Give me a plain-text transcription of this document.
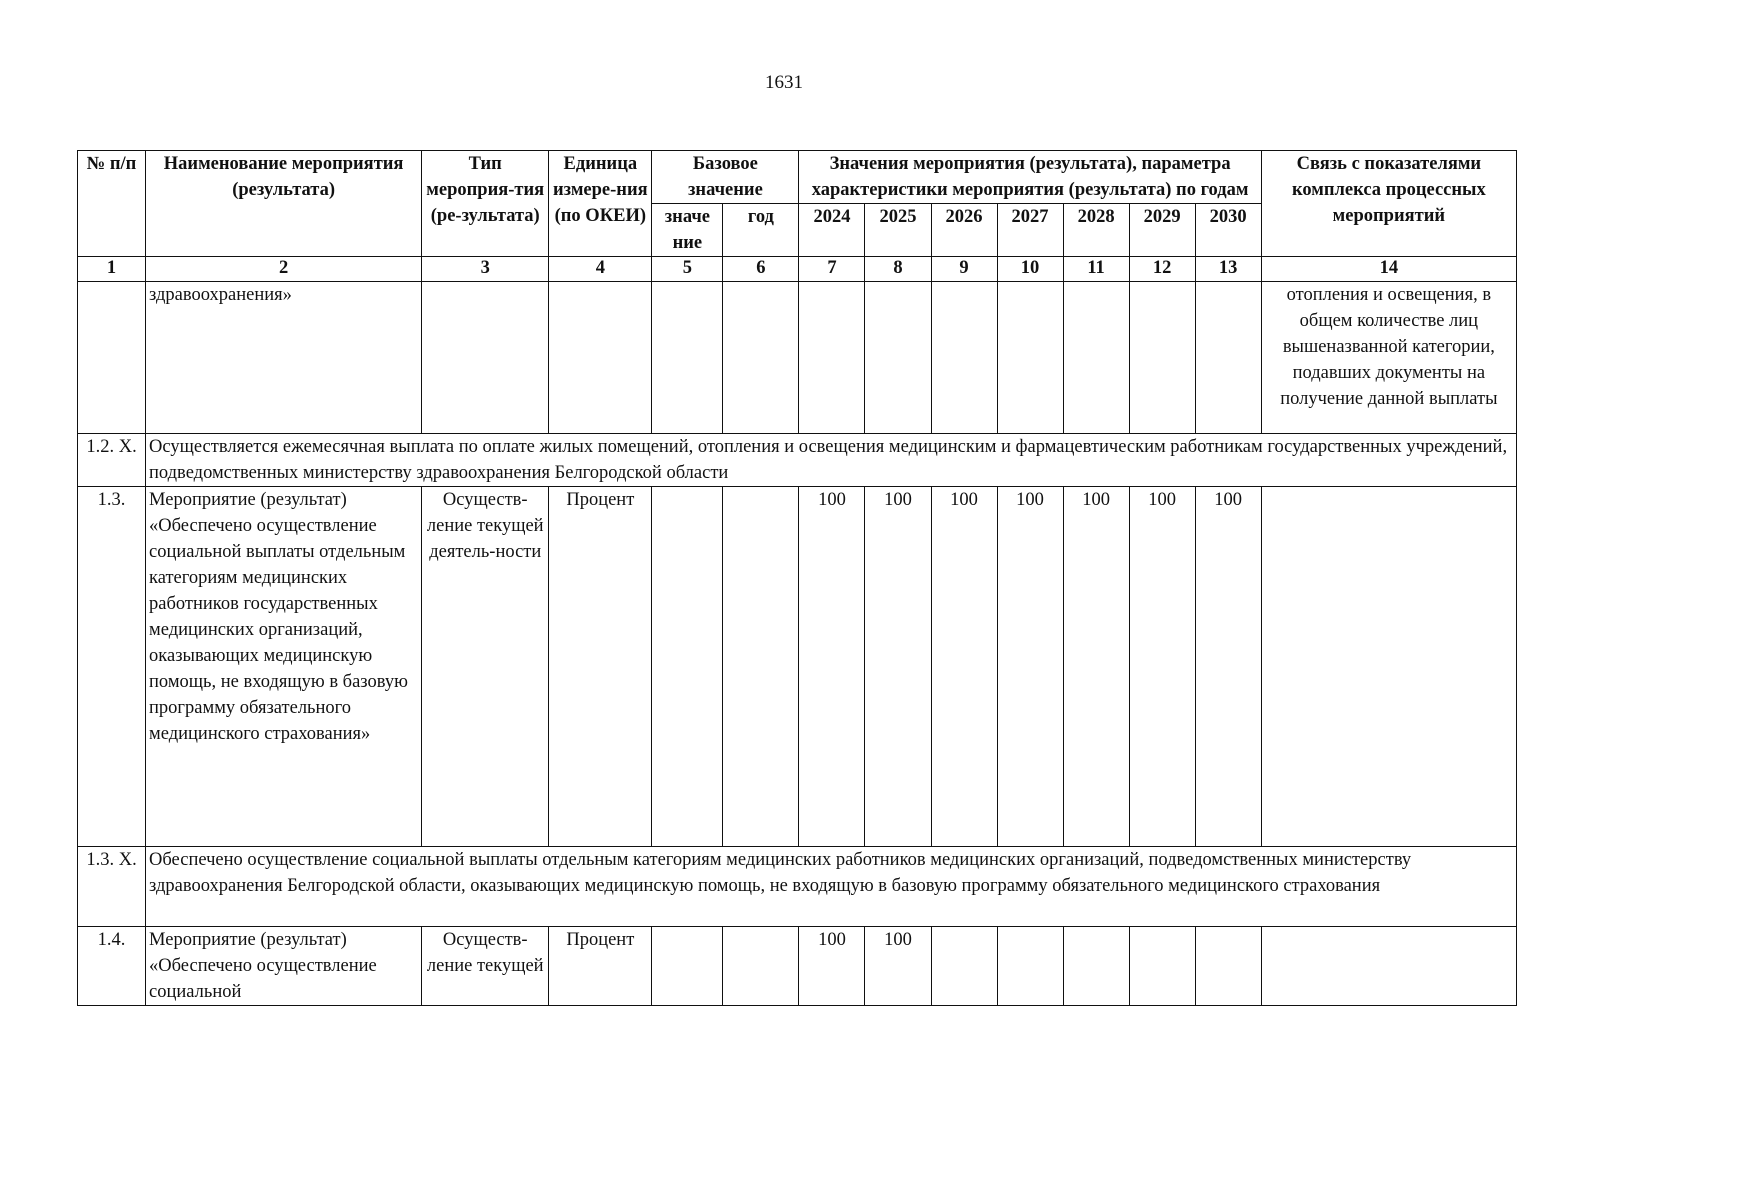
1631
№ п/п	Наименование мероприятия (результата)	Тип мероприя-тия (ре-зультата)	Единица измере-ния (по ОКЕИ)	Базовое значение		Значения мероприятия (результата), параметра характеристики мероприятия (результата) по годам							Связь с показателями комплекса процессных мероприятий
				значе ние	год	2024	2025	2026	2027	2028	2029	2030	
1	2	3	4	5	6	7	8	9	10	11	12	13	14
	здравоохранения»												отопления и освещения, в общем количестве лиц вышеназванной категории, подавших документы на получение данной выплаты
1.2. X.	Осуществляется ежемесячная выплата по оплате жилых помещений, отопления и освещения медицинским и фармацевтическим работникам государственных учреждений, подведомственных министерству здравоохранения Белгородской области												
1.3.	Мероприятие (результат) «Обеспечено осуществление социальной выплаты отдельным категориям медицинских работников государственных медицинских организаций, оказывающих медицинскую помощь, не входящую в базовую программу обязательного медицинского страхования»	Осуществ-ление текущей деятель-ности	Процент			100	100	100	100	100	100	100	
1.3. X.	Обеспечено осуществление социальной выплаты отдельным категориям медицинских работников медицинских организаций, подведомственных министерству здравоохранения Белгородской области, оказывающих медицинскую помощь, не входящую в базовую программу обязательного медицинского страхования												
1.4.	Мероприятие (результат) «Обеспечено осуществление социальной	Осуществ-ление текущей	Процент			100	100						
